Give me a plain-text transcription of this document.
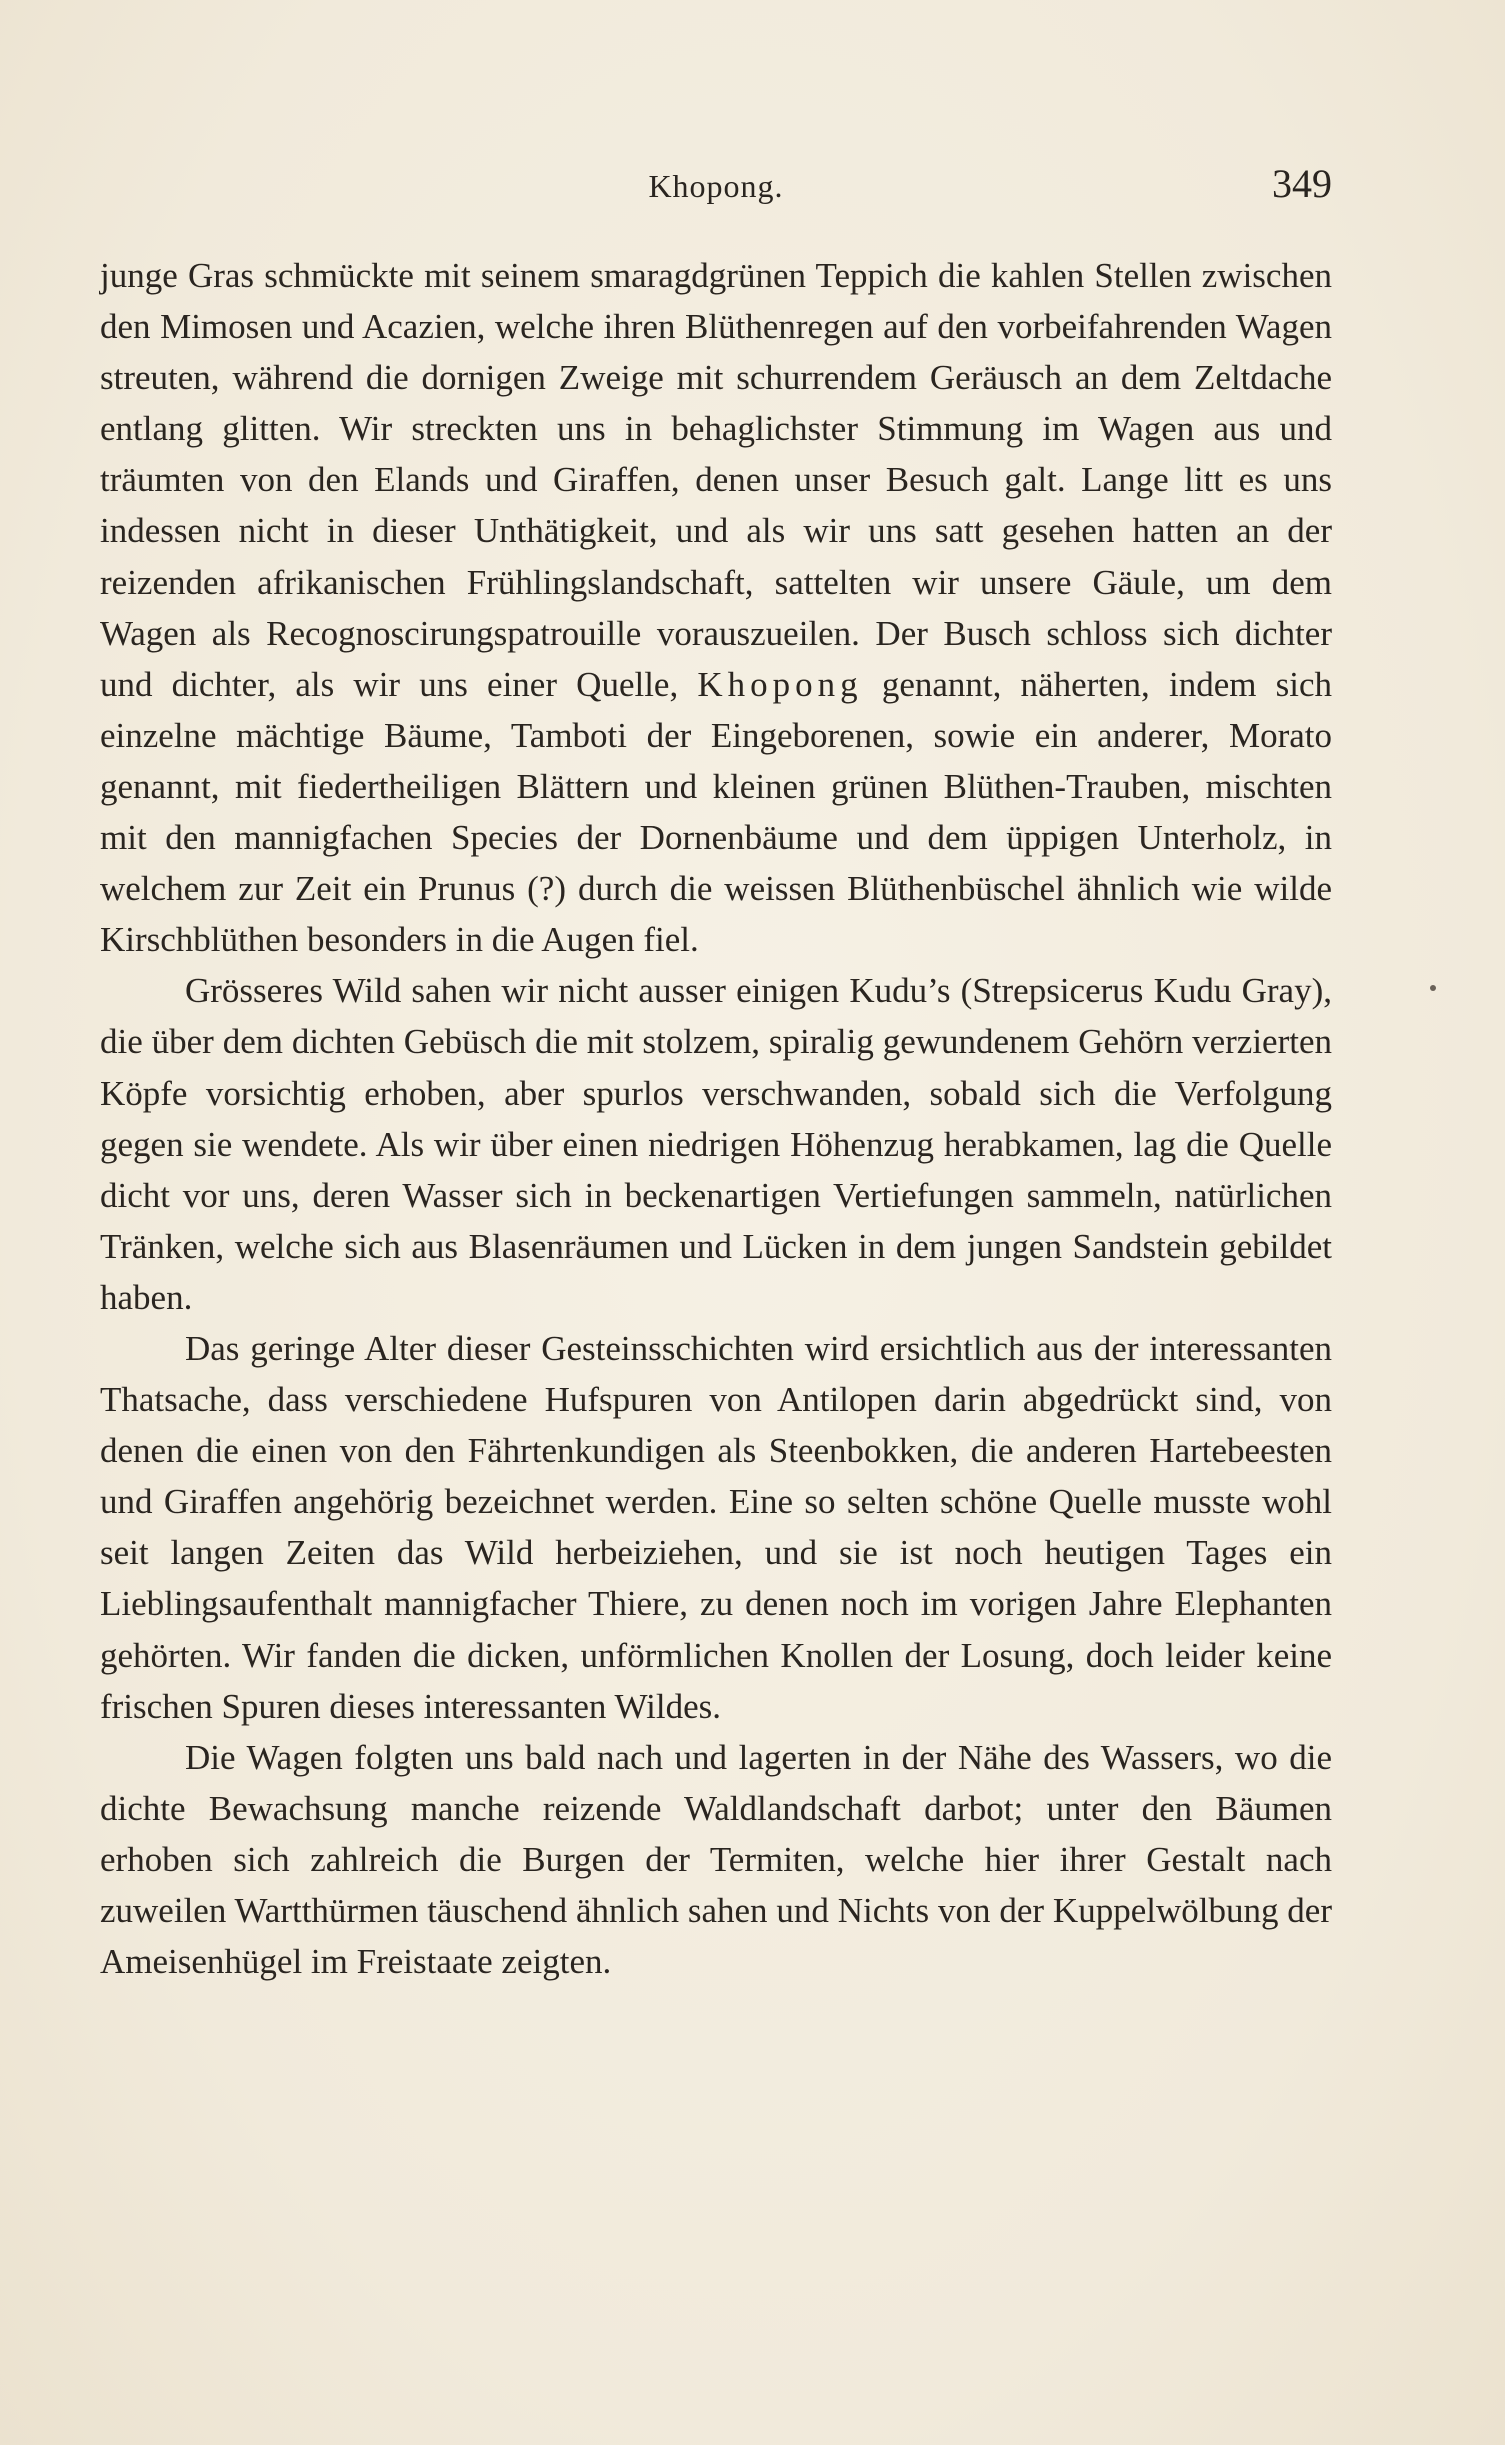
Khopong.	349

junge Gras schmückte mit seinem smaragdgrünen Teppich die kahlen Stellen zwischen den Mimosen und Acazien, welche ihren Blüthenregen auf den vorbeifahrenden Wagen streuten, während die dornigen Zweige mit schurrendem Geräusch an dem Zeltdache entlang glitten. Wir streckten uns in behaglichster Stimmung im Wagen aus und träumten von den Elands und Giraffen, denen unser Besuch galt. Lange litt es uns indessen nicht in dieser Unthätigkeit, und als wir uns satt gesehen hatten an der reizenden afrikanischen Frühlingslandschaft, sattelten wir unsere Gäule, um dem Wagen als Recognoscirungspatrouille vorauszueilen. Der Busch schloss sich dichter und dichter, als wir uns einer Quelle, Khopong genannt, näherten, indem sich einzelne mächtige Bäume, Tamboti der Eingeborenen, sowie ein anderer, Morato genannt, mit fiedertheiligen Blättern und kleinen grünen Blüthen-Trauben, mischten mit den mannigfachen Species der Dornenbäume und dem üppigen Unterholz, in welchem zur Zeit ein Prunus (?) durch die weissen Blüthenbüschel ähnlich wie wilde Kirschblüthen besonders in die Augen fiel.

Grösseres Wild sahen wir nicht ausser einigen Kudu’s (Strepsicerus Kudu Gray), die über dem dichten Gebüsch die mit stolzem, spiralig gewundenem Gehörn verzierten Köpfe vorsichtig erhoben, aber spurlos verschwanden, sobald sich die Verfolgung gegen sie wendete. Als wir über einen niedrigen Höhenzug herabkamen, lag die Quelle dicht vor uns, deren Wasser sich in beckenartigen Vertiefungen sammeln, natürlichen Tränken, welche sich aus Blasenräumen und Lücken in dem jungen Sandstein gebildet haben.

Das geringe Alter dieser Gesteinsschichten wird ersichtlich aus der interessanten Thatsache, dass verschiedene Hufspuren von Antilopen darin abgedrückt sind, von denen die einen von den Fährtenkundigen als Steenbokken, die anderen Hartebeesten und Giraffen angehörig bezeichnet werden. Eine so selten schöne Quelle musste wohl seit langen Zeiten das Wild herbeiziehen, und sie ist noch heutigen Tages ein Lieblingsaufenthalt mannigfacher Thiere, zu denen noch im vorigen Jahre Elephanten gehörten. Wir fanden die dicken, unförmlichen Knollen der Losung, doch leider keine frischen Spuren dieses interessanten Wildes.

Die Wagen folgten uns bald nach und lagerten in der Nähe des Wassers, wo die dichte Bewachsung manche reizende Waldlandschaft darbot; unter den Bäumen erhoben sich zahlreich die Burgen der Termiten, welche hier ihrer Gestalt nach zuweilen Wartthürmen täuschend ähnlich sahen und Nichts von der Kuppelwölbung der Ameisenhügel im Freistaate zeigten.
